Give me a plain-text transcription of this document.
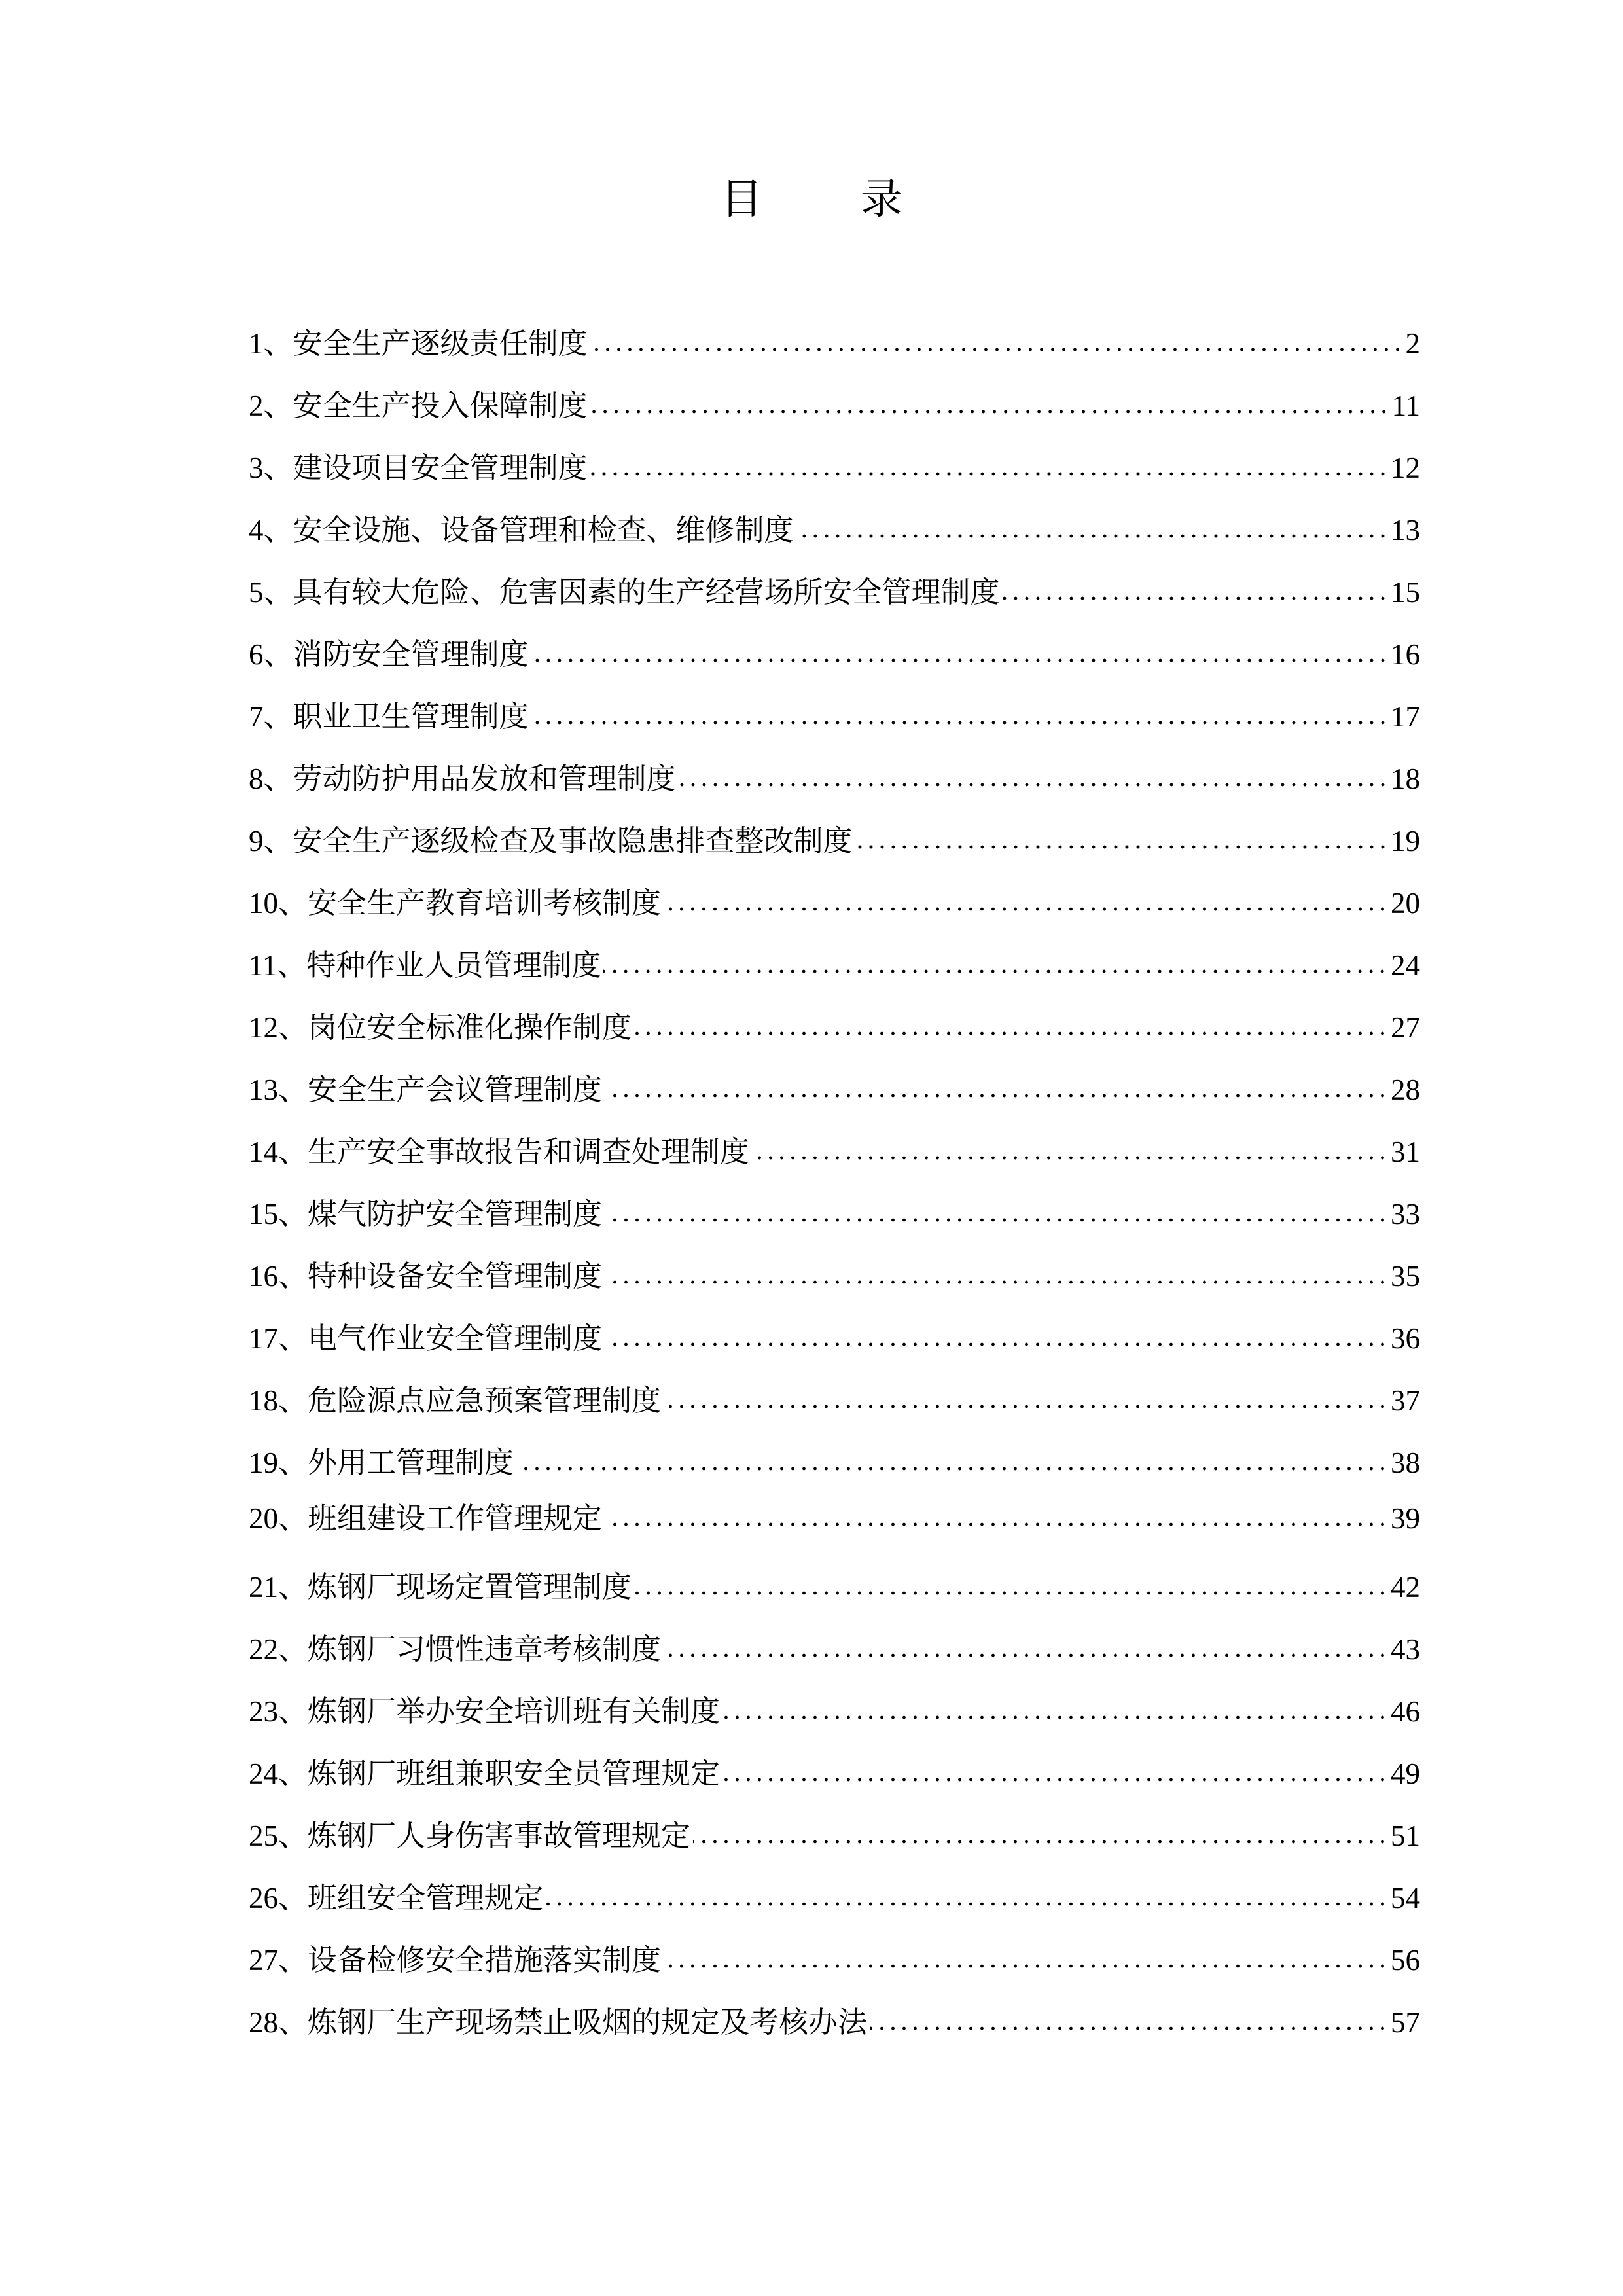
目 录
1、 安全生产逐级责任制度	2
2、 安全生产投入保障制度	11
3、 建设项目安全管理制度	12
4、 安全设施、设备管理和检查、维修制度	13
5、 具有较大危险、危害因素的生产经营场所安全管理制度	15
6、 消防安全管理制度	16
7、 职业卫生管理制度	17
8、 劳动防护用品发放和管理制度	18
9、 安全生产逐级检查及事故隐患排查整改制度	19
10、 安全生产教育培训考核制度	20
11、 特种作业人员管理制度	24
12、 岗位安全标准化操作制度	27
13、 安全生产会议管理制度	28
14、 生产安全事故报告和调查处理制度	31
15、 煤气防护安全管理制度	33
16、 特种设备安全管理制度	35
17、 电气作业安全管理制度	36
18、 危险源点应急预案管理制度	37
19、 外用工管理制度	38
20、 班组建设工作管理规定	39
21、 炼钢厂现场定置管理制度	42
22、 炼钢厂习惯性违章考核制度	43
23、 炼钢厂举办安全培训班有关制度	46
24、 炼钢厂班组兼职安全员管理规定	49
25、 炼钢厂人身伤害事故管理规定	51
26、 班组安全管理规定	54
27、 设备检修安全措施落实制度	56
28、 炼钢厂生产现场禁止吸烟的规定及考核办法	57
